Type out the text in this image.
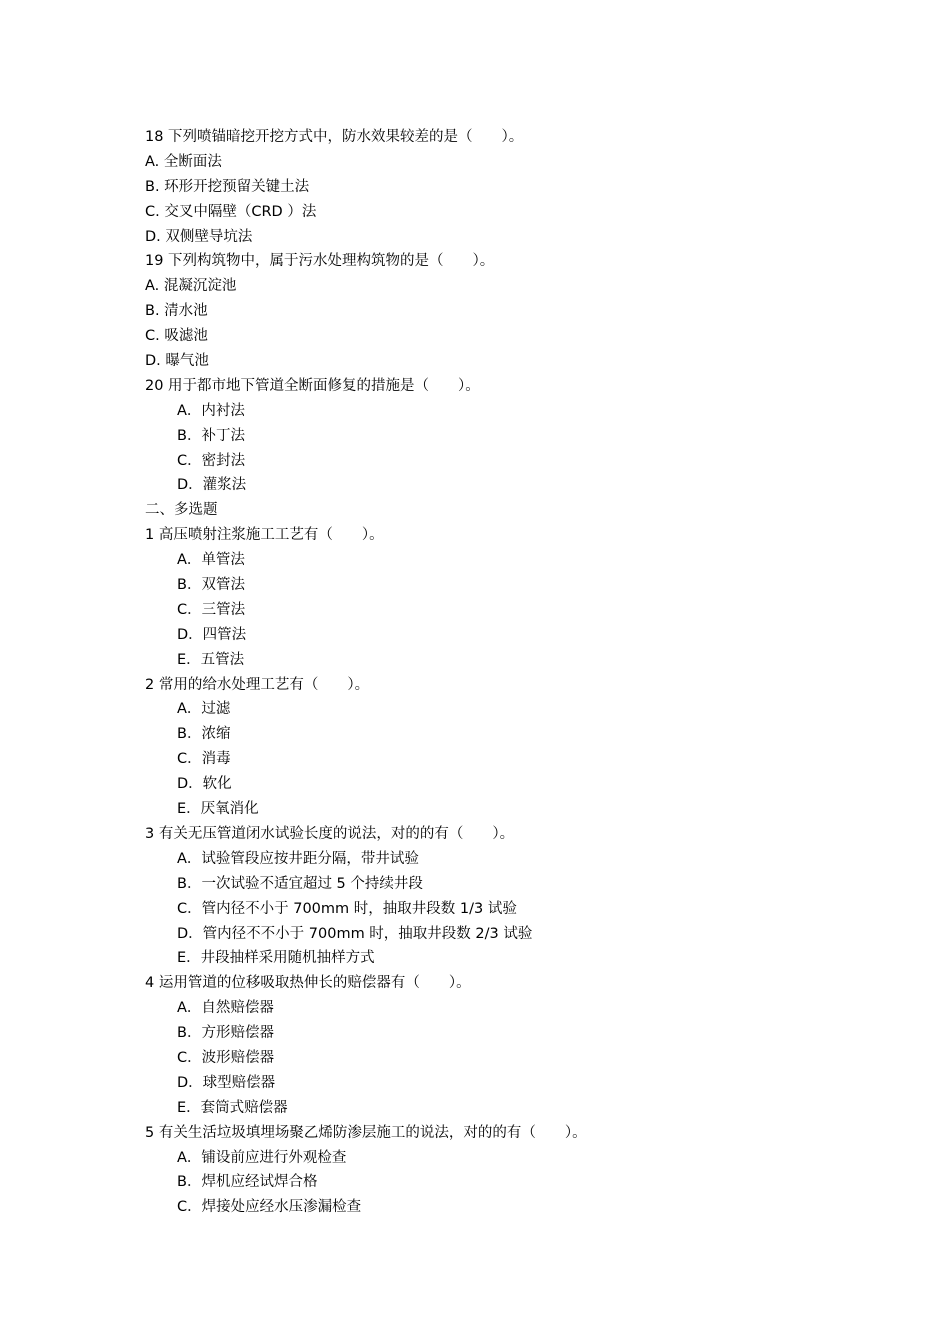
18 下列喷锚暗挖开挖方式中，防水效果较差的是（　　）。
A. 全断面法
B. 环形开挖预留关键土法
C. 交叉中隔壁（CRD ）法
D. 双侧壁导坑法
19 下列构筑物中，属于污水处理构筑物的是（　　）。
A. 混凝沉淀池
B. 清水池
C. 吸滤池
D. 曝气池
20 用于都市地下管道全断面修复的措施是（　　）。
A．内衬法
B．补丁法
C．密封法
D．灌浆法
二、多选题
1 高压喷射注浆施工工艺有（　　）。
A．单管法
B．双管法
C．三管法
D．四管法
E．五管法
2 常用的给水处理工艺有（　　）。
A．过滤
B．浓缩
C．消毒
D．软化
E．厌氧消化
3 有关无压管道闭水试验长度的说法，对的的有（　　）。
A．试验管段应按井距分隔，带井试验
B．一次试验不适宜超过 5 个持续井段
C．管内径不小于 700mm 时，抽取井段数 1/3 试验
D．管内径不不小于 700mm 时，抽取井段数 2/3 试验
E．井段抽样采用随机抽样方式
4 运用管道的位移吸取热伸长的赔偿器有（　　）。
A．自然赔偿器
B．方形赔偿器
C．波形赔偿器
D．球型赔偿器
E．套筒式赔偿器
5 有关生活垃圾填埋场聚乙烯防渗层施工的说法，对的的有（　　）。
A．铺设前应进行外观检查
B．焊机应经试焊合格
C．焊接处应经水压渗漏检查
